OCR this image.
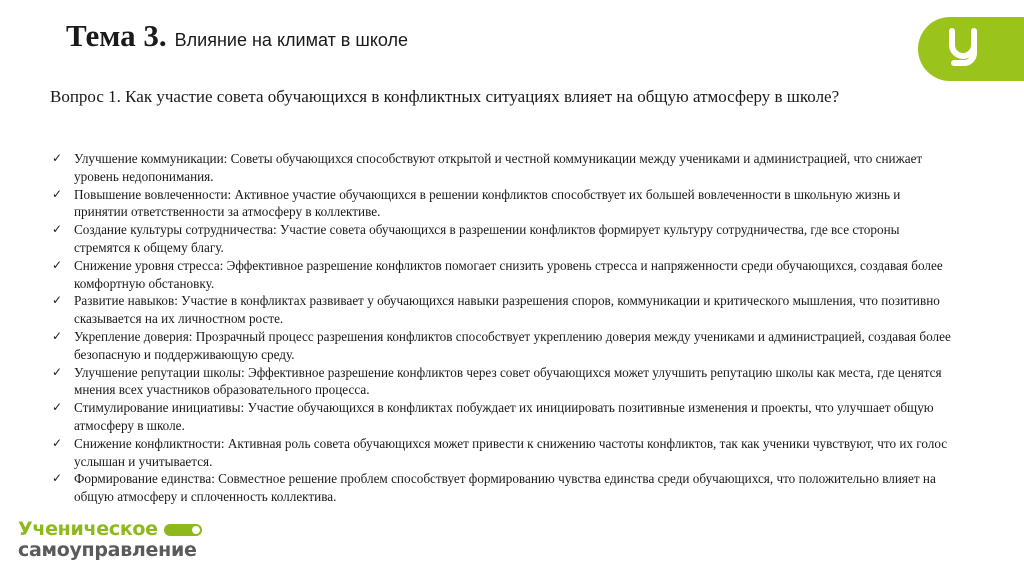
Тема 3. Влияние на климат в школе
Вопрос 1. Как участие совета обучающихся в конфликтных ситуациях влияет на общую атмосферу в школе?
✓ Улучшение коммуникации: Советы обучающихся способствуют открытой и честной коммуникации между учениками и администрацией, что снижает уровень недопонимания.
✓ Повышение вовлеченности: Активное участие обучающихся в решении конфликтов способствует их большей вовлеченности в школьную жизнь и принятии ответственности за атмосферу в коллективе.
✓ Создание культуры сотрудничества: Участие совета обучающихся в разрешении конфликтов формирует культуру сотрудничества, где все стороны стремятся к общему благу.
✓ Снижение уровня стресса: Эффективное разрешение конфликтов помогает снизить уровень стресса и напряженности среди обучающихся, создавая более комфортную обстановку.
✓ Развитие навыков: Участие в конфликтах развивает у обучающихся навыки разрешения споров, коммуникации и критического мышления, что позитивно сказывается на их личностном росте.
✓ Укрепление доверия: Прозрачный процесс разрешения конфликтов способствует укреплению доверия между учениками и администрацией, создавая более безопасную и поддерживающую среду.
✓ Улучшение репутации школы: Эффективное разрешение конфликтов через совет обучающихся может улучшить репутацию школы как места, где ценятся мнения всех участников образовательного процесса.
✓ Стимулирование инициативы: Участие обучающихся в конфликтах побуждает их инициировать позитивные изменения и проекты, что улучшает общую атмосферу в школе.
✓ Снижение конфликтности: Активная роль совета обучающихся может привести к снижению частоты конфликтов, так как ученики чувствуют, что их голос услышан и учитывается.
✓ Формирование единства: Совместное решение проблем способствует формированию чувства единства среди обучающихся, что положительно влияет на общую атмосферу и сплоченность коллектива.
Ученическое
самоуправление
